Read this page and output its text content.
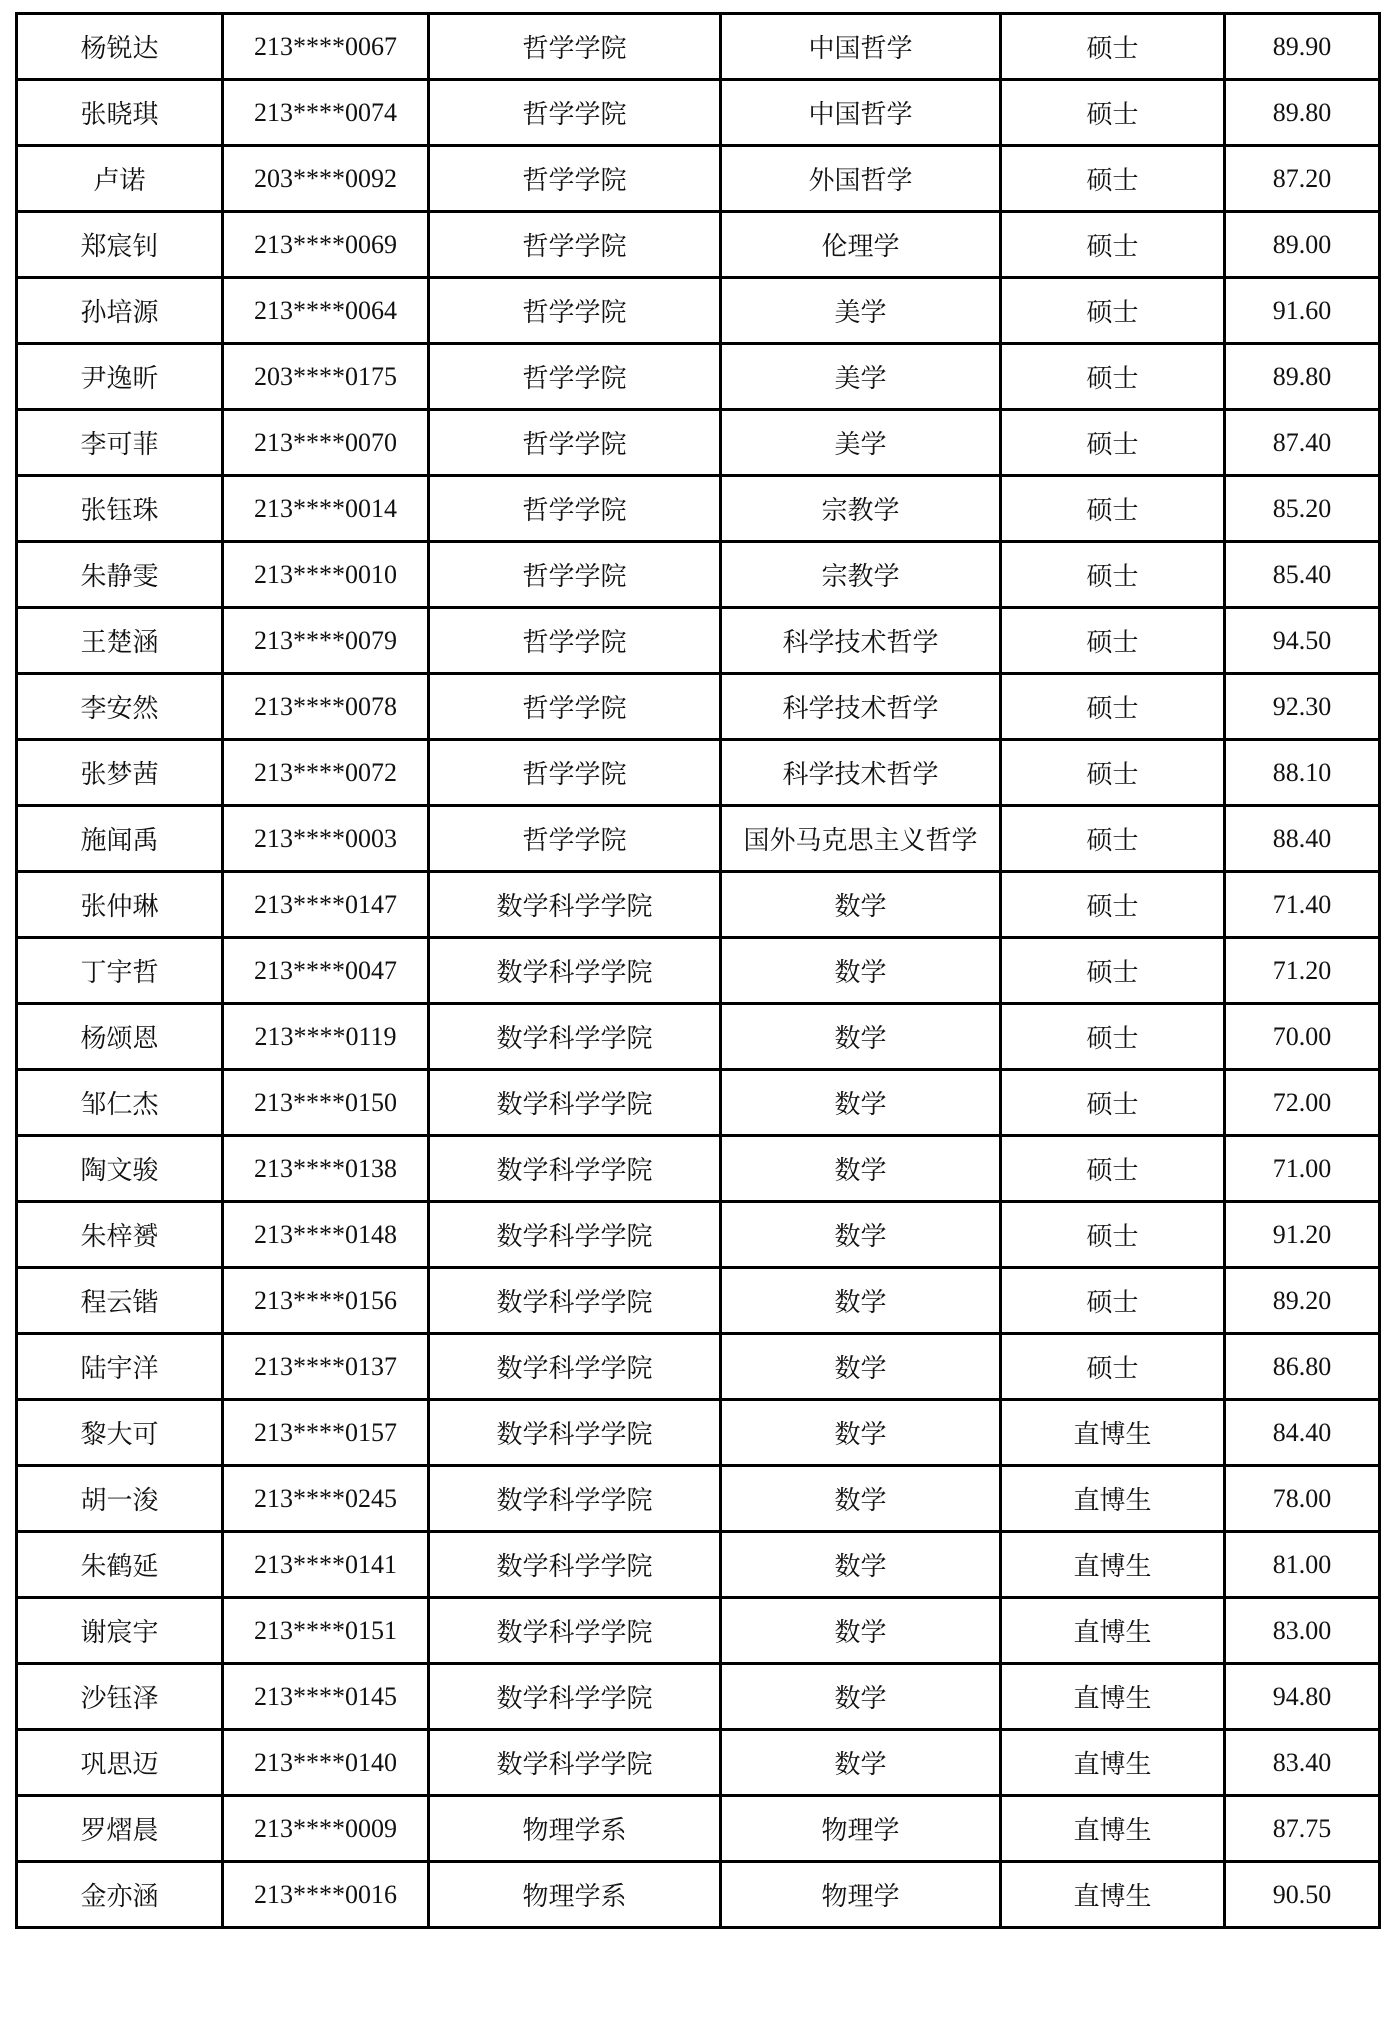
杨锐达	213****0067	哲学学院	中国哲学	硕士	89.90
张晓琪	213****0074	哲学学院	中国哲学	硕士	89.80
卢诺	203****0092	哲学学院	外国哲学	硕士	87.20
郑宸钊	213****0069	哲学学院	伦理学	硕士	89.00
孙培源	213****0064	哲学学院	美学	硕士	91.60
尹逸昕	203****0175	哲学学院	美学	硕士	89.80
李可菲	213****0070	哲学学院	美学	硕士	87.40
张钰珠	213****0014	哲学学院	宗教学	硕士	85.20
朱静雯	213****0010	哲学学院	宗教学	硕士	85.40
王楚涵	213****0079	哲学学院	科学技术哲学	硕士	94.50
李安然	213****0078	哲学学院	科学技术哲学	硕士	92.30
张梦茜	213****0072	哲学学院	科学技术哲学	硕士	88.10
施闻禹	213****0003	哲学学院	国外马克思主义哲学	硕士	88.40
张仲琳	213****0147	数学科学学院	数学	硕士	71.40
丁宇哲	213****0047	数学科学学院	数学	硕士	71.20
杨颂恩	213****0119	数学科学学院	数学	硕士	70.00
邹仁杰	213****0150	数学科学学院	数学	硕士	72.00
陶文骏	213****0138	数学科学学院	数学	硕士	71.00
朱梓赟	213****0148	数学科学学院	数学	硕士	91.20
程云锴	213****0156	数学科学学院	数学	硕士	89.20
陆宇洋	213****0137	数学科学学院	数学	硕士	86.80
黎大可	213****0157	数学科学学院	数学	直博生	84.40
胡一浚	213****0245	数学科学学院	数学	直博生	78.00
朱鹤延	213****0141	数学科学学院	数学	直博生	81.00
谢宸宇	213****0151	数学科学学院	数学	直博生	83.00
沙钰泽	213****0145	数学科学学院	数学	直博生	94.80
巩思迈	213****0140	数学科学学院	数学	直博生	83.40
罗熠晨	213****0009	物理学系	物理学	直博生	87.75
金亦涵	213****0016	物理学系	物理学	直博生	90.50
